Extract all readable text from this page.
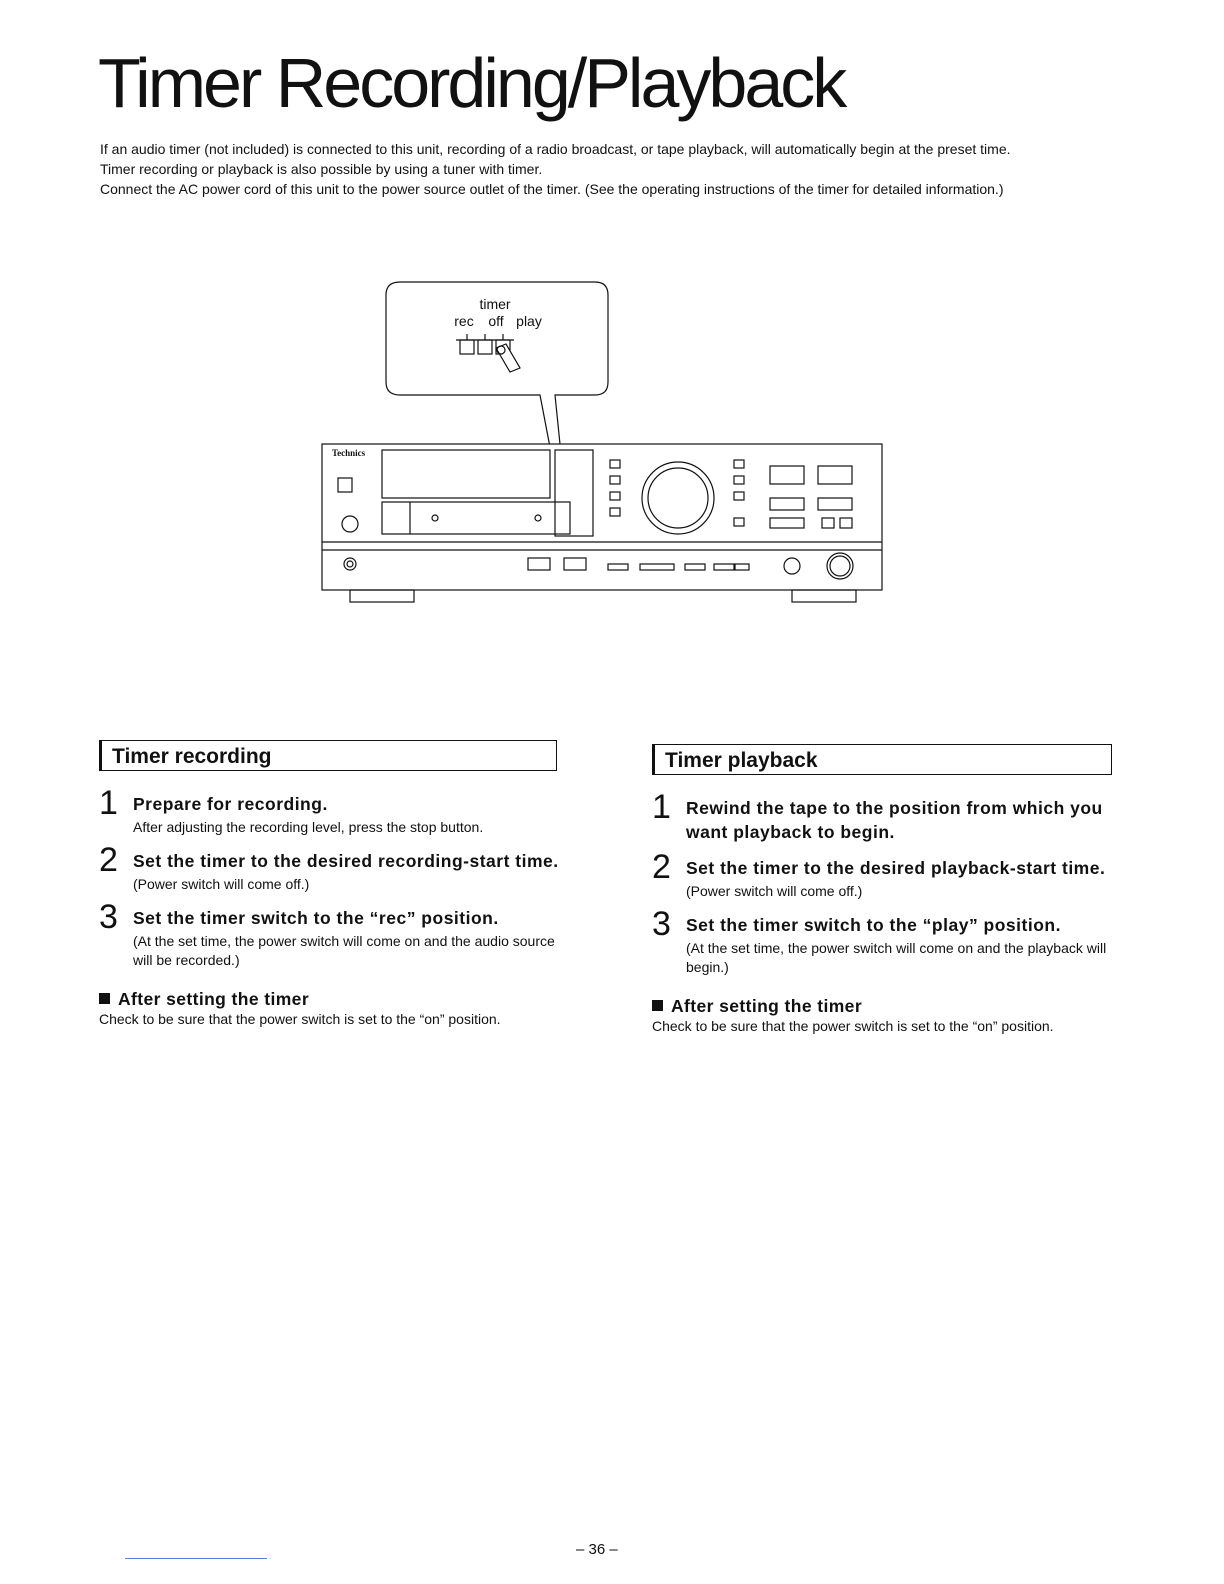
Timer Recording/Playback

If an audio timer (not included) is connected to this unit, recording of a radio broadcast, or tape playback, will automatically begin at the preset time.

Timer recording or playback is also possible by using a tuner with timer.

Connect the AC power cord of this unit to the power source outlet of the timer. (See the operating instructions of the timer for detailed information.)

timer
rec off play
Technics
Timer recording
1 Prepare for recording.
After adjusting the recording level, press the stop button.
2 Set the timer to the desired recording-start time.
(Power switch will come off.)
3 Set the timer switch to the “rec” position.
(At the set time, the power switch will come on and the audio source will be recorded.)
After setting the timer
Check to be sure that the power switch is set to the “on” position.
Timer playback
1 Rewind the tape to the position from which you want playback to begin.
2 Set the timer to the desired playback-start time.
(Power switch will come off.)
3 Set the timer switch to the “play” position.
(At the set time, the power switch will come on and the playback will begin.)
After setting the timer
Check to be sure that the power switch is set to the “on” position.
– 36 –
